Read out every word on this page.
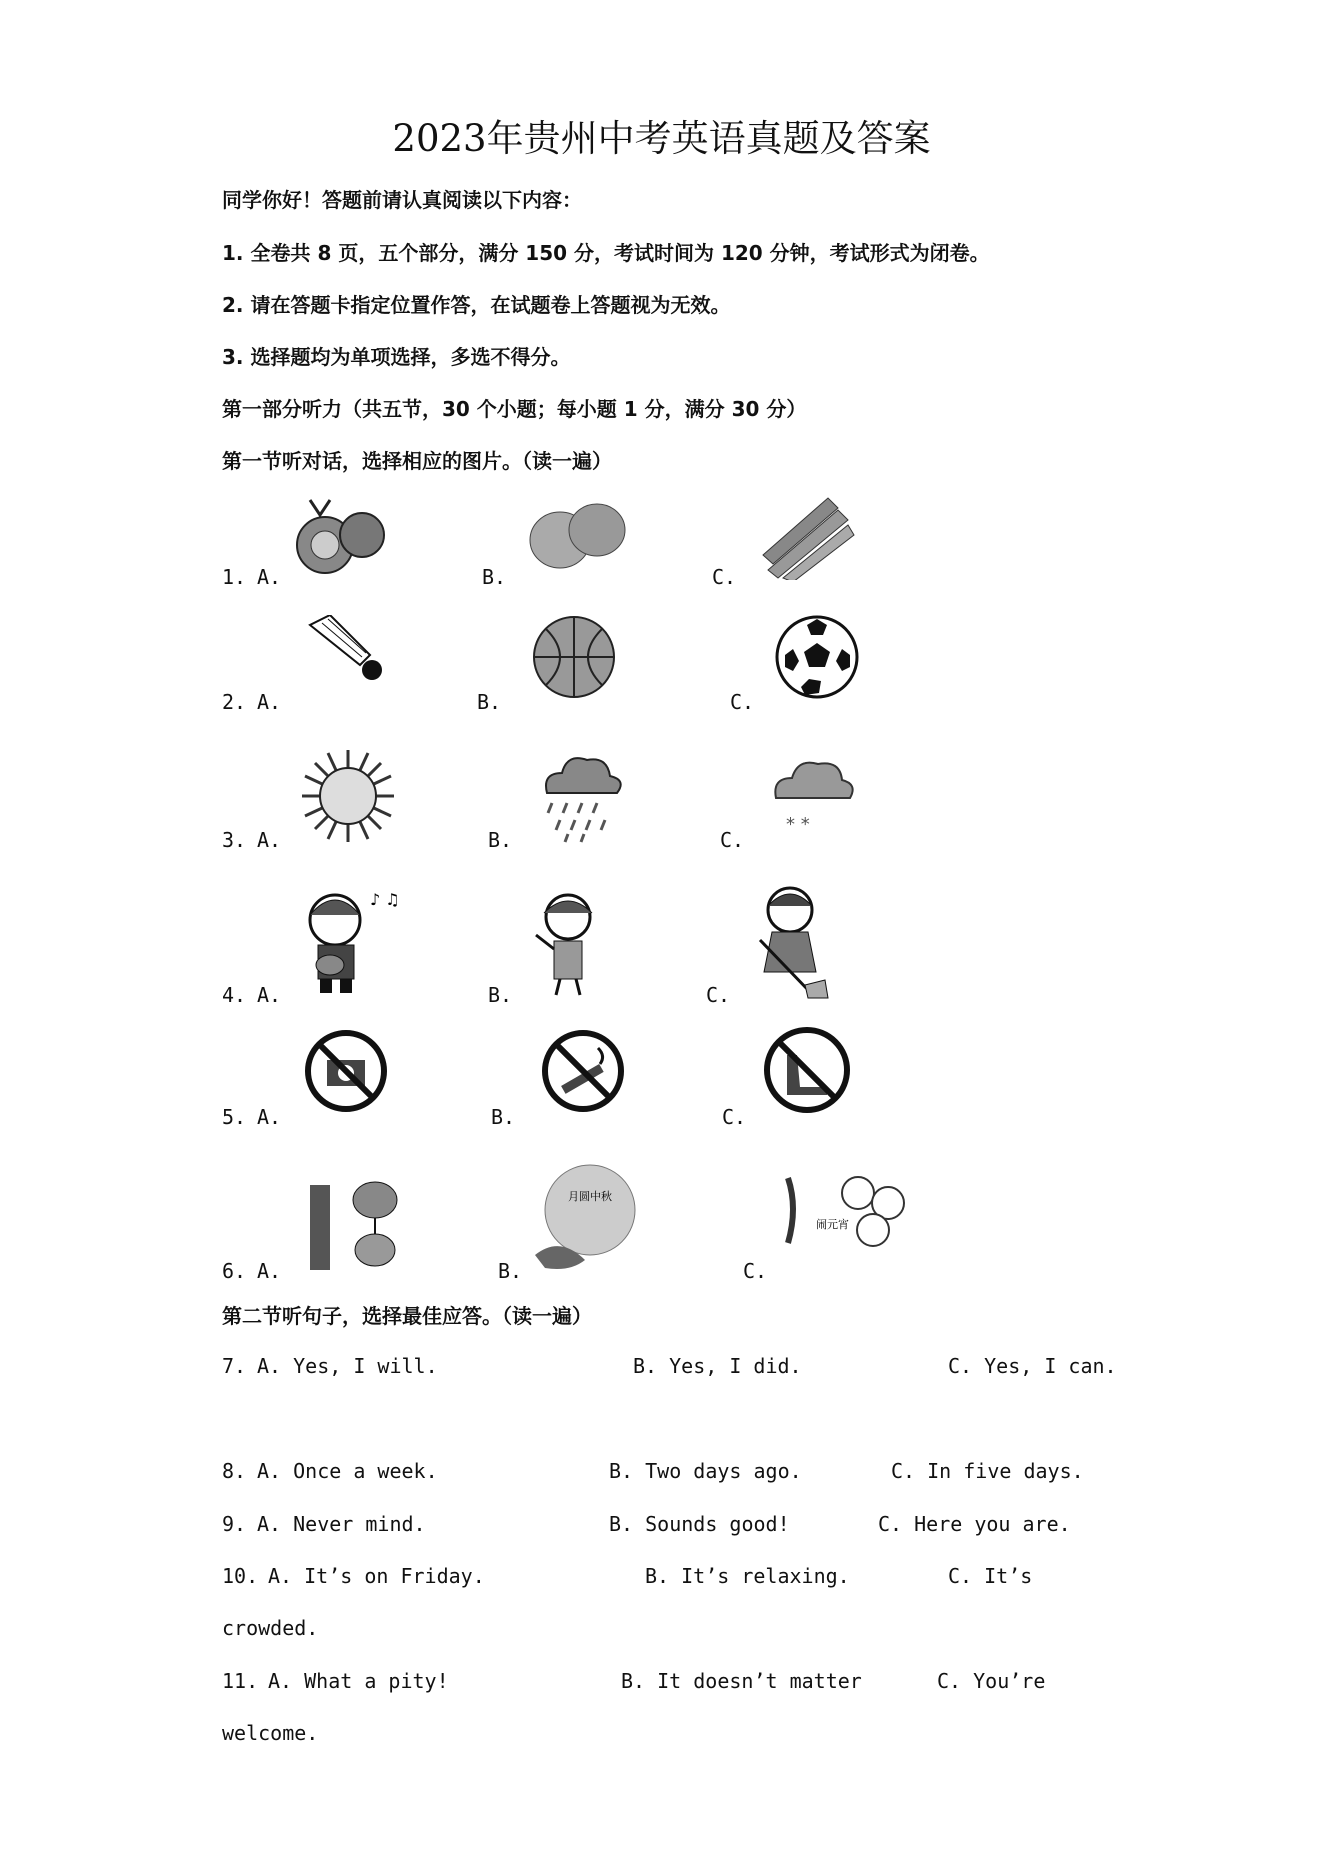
2023年贵州中考英语真题及答案
同学你好！答题前请认真阅读以下内容：
1. 全卷共 8 页，五个部分，满分 150 分，考试时间为 120 分钟，考试形式为闭卷。
2. 请在答题卡指定位置作答，在试题卷上答题视为无效。
3. 选择题均为单项选择，多选不得分。
第一部分听力（共五节，30 个小题；每小题 1 分，满分 30 分）
第一节听对话，选择相应的图片。（读一遍）
1. A.	B.	C.
2. A.	B.	C.
3. A.	B.	C.
* *
4. A.	B.	C.
♪ ♫
5. A.	B.	C.
6. A.	B.	C.
月圆中秋
闹元宵
第二节听句子，选择最佳应答。（读一遍）
7. A. Yes, I will.	B. Yes, I did.	C. Yes, I can.
8. A. Once a week.	B. Two days ago.	C. In five days.
9. A. Never mind.	B. Sounds good!	C. Here you are.
10. A. It’s on Friday.	B. It’s relaxing.	C. It’s
crowded.
11. A. What a pity!	B. It doesn’t matter	C. You’re
welcome.
